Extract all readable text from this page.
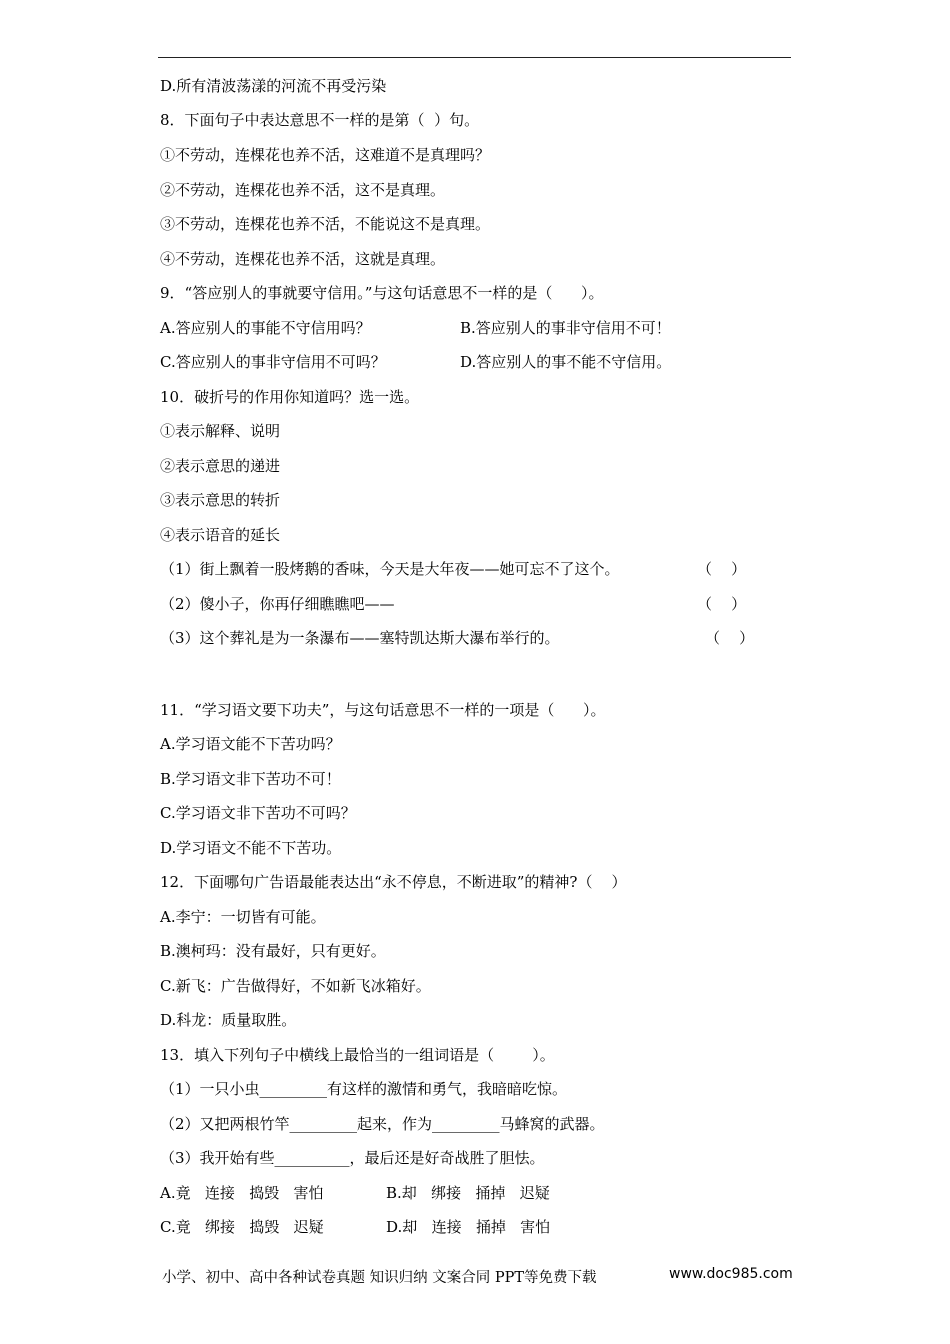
D.所有清波荡漾的河流不再受污染
8．下面句子中表达意思不一样的是第（  ）句。
①不劳动，连棵花也养不活，这难道不是真理吗？
②不劳动，连棵花也养不活，这不是真理。
③不劳动，连棵花也养不活，不能说这不是真理。
④不劳动，连棵花也养不活，这就是真理。
9．“答应别人的事就要守信用。”与这句话意思不一样的是（      ）。
A.答应别人的事能不守信用吗？	B.答应别人的事非守信用不可！
C.答应别人的事非守信用不可吗？	D.答应别人的事不能不守信用。
10．破折号的作用你知道吗？选一选。
①表示解释、说明
②表示意思的递进
③表示意思的转折
④表示语音的延长
（1）街上飘着一股烤鹅的香味，今天是大年夜——她可忘不了这个。	（    ）
（2）傻小子，你再仔细瞧瞧吧——	（    ）
（3）这个葬礼是为一条瀑布——塞特凯达斯大瀑布举行的。	（    ）
11．“学习语文要下功夫”，与这句话意思不一样的一项是（      ）。
A.学习语文能不下苦功吗？
B.学习语文非下苦功不可！
C.学习语文非下苦功不可吗？
D.学习语文不能不下苦功。
12．下面哪句广告语最能表达出“永不停息，不断进取”的精神?（    ）
A.李宁：一切皆有可能。
B.澳柯玛：没有最好，只有更好。
C.新飞：广告做得好，不如新飞冰箱好。
D.科龙：质量取胜。
13．填入下列句子中横线上最恰当的一组词语是（        ）。
（1）一只小虫_________有这样的激情和勇气，我暗暗吃惊。
（2）又把两根竹竿_________起来，作为_________马蜂窝的武器。
（3）我开始有些__________，最后还是好奇战胜了胆怯。
A.竟   连接   捣毁   害怕	B.却   绑接   捅掉   迟疑
C.竟   绑接   捣毁   迟疑	D.却   连接   捅掉   害怕
小学、初中、高中各种试卷真题 知识归纳 文案合同 PPT等免费下载	www.doc985.com
